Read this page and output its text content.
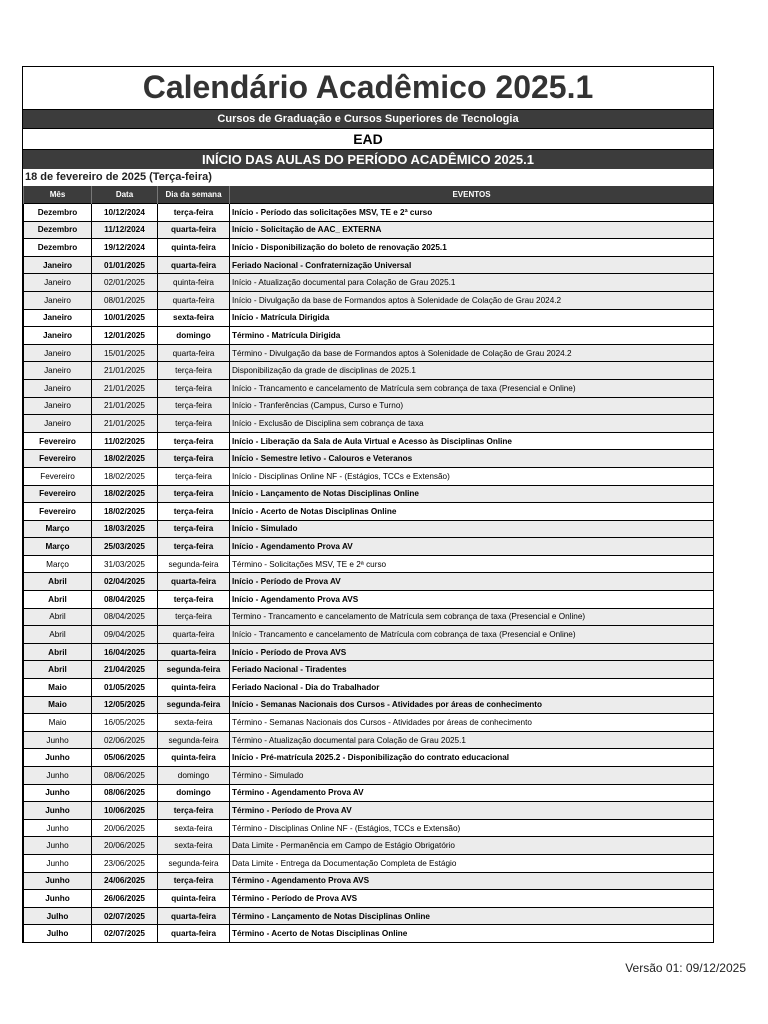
Calendário Acadêmico 2025.1
Cursos de Graduação e Cursos Superiores de Tecnologia
EAD
INÍCIO DAS AULAS DO PERÍODO ACADÊMICO 2025.1
18 de fevereiro de 2025 (Terça-feira)
Mês	Data	Dia da semana	EVENTOS
Dezembro	10/12/2024	terça-feira	Início - Período das solicitações MSV, TE e 2ª curso
Dezembro	11/12/2024	quarta-feira	Início - Solicitação de AAC_ EXTERNA
Dezembro	19/12/2024	quinta-feira	Início - Disponibilização do boleto de renovação 2025.1
Janeiro	01/01/2025	quarta-feira	Feriado Nacional - Confraternização Universal
Janeiro	02/01/2025	quinta-feira	Início - Atualização documental para Colação de Grau 2025.1
Janeiro	08/01/2025	quarta-feira	Início - Divulgação da base de Formandos aptos à Solenidade de Colação de Grau 2024.2
Janeiro	10/01/2025	sexta-feira	Início - Matrícula Dirigida
Janeiro	12/01/2025	domingo	Término - Matrícula Dirigida
Janeiro	15/01/2025	quarta-feira	Término - Divulgação da base de Formandos aptos à Solenidade de Colação de Grau 2024.2
Janeiro	21/01/2025	terça-feira	Disponibilização da grade de disciplinas de 2025.1
Janeiro	21/01/2025	terça-feira	Início - Trancamento e cancelamento de Matrícula sem cobrança de taxa (Presencial e Online)
Janeiro	21/01/2025	terça-feira	Início - Tranferências (Campus, Curso e Turno)
Janeiro	21/01/2025	terça-feira	Início - Exclusão de Disciplina sem cobrança de taxa
Fevereiro	11/02/2025	terça-feira	Início - Liberação da Sala de Aula Virtual e Acesso às Disciplinas Online
Fevereiro	18/02/2025	terça-feira	Início - Semestre letivo - Calouros e Veteranos
Fevereiro	18/02/2025	terça-feira	Início - Disciplinas Online NF - (Estágios, TCCs e Extensão)
Fevereiro	18/02/2025	terça-feira	Início - Lançamento de Notas Disciplinas Online
Fevereiro	18/02/2025	terça-feira	Início - Acerto de Notas Disciplinas Online
Março	18/03/2025	terça-feira	Início - Simulado
Março	25/03/2025	terça-feira	Início - Agendamento Prova AV
Março	31/03/2025	segunda-feira	Término - Solicitações MSV, TE e 2ª curso
Abril	02/04/2025	quarta-feira	Início - Período de Prova AV
Abril	08/04/2025	terça-feira	Início - Agendamento Prova AVS
Abril	08/04/2025	terça-feira	Termino - Trancamento e cancelamento de Matrícula sem cobrança de taxa (Presencial e Online)
Abril	09/04/2025	quarta-feira	Início - Trancamento e cancelamento de Matrícula com cobrança de taxa (Presencial e Online)
Abril	16/04/2025	quarta-feira	Início - Período de Prova AVS
Abril	21/04/2025	segunda-feira	Feriado Nacional - Tiradentes
Maio	01/05/2025	quinta-feira	Feriado Nacional - Dia do Trabalhador
Maio	12/05/2025	segunda-feira	Início - Semanas Nacionais dos Cursos - Atividades por áreas de conhecimento
Maio	16/05/2025	sexta-feira	Término - Semanas Nacionais dos Cursos - Atividades por áreas de conhecimento
Junho	02/06/2025	segunda-feira	Término - Atualização documental para Colação de Grau 2025.1
Junho	05/06/2025	quinta-feira	Início - Pré-matrícula 2025.2 - Disponibilização do contrato educacional
Junho	08/06/2025	domingo	Término - Simulado
Junho	08/06/2025	domingo	Término - Agendamento Prova AV
Junho	10/06/2025	terça-feira	Término - Período de Prova AV
Junho	20/06/2025	sexta-feira	Término - Disciplinas Online NF - (Estágios, TCCs e Extensão)
Junho	20/06/2025	sexta-feira	Data Limite - Permanência em Campo de Estágio Obrigatório
Junho	23/06/2025	segunda-feira	Data Limite - Entrega da Documentação Completa de Estágio
Junho	24/06/2025	terça-feira	Término - Agendamento Prova AVS
Junho	26/06/2025	quinta-feira	Término - Período de Prova AVS
Julho	02/07/2025	quarta-feira	Término - Lançamento de Notas Disciplinas Online
Julho	02/07/2025	quarta-feira	Término - Acerto de Notas Disciplinas Online
Versão 01: 09/12/2025
